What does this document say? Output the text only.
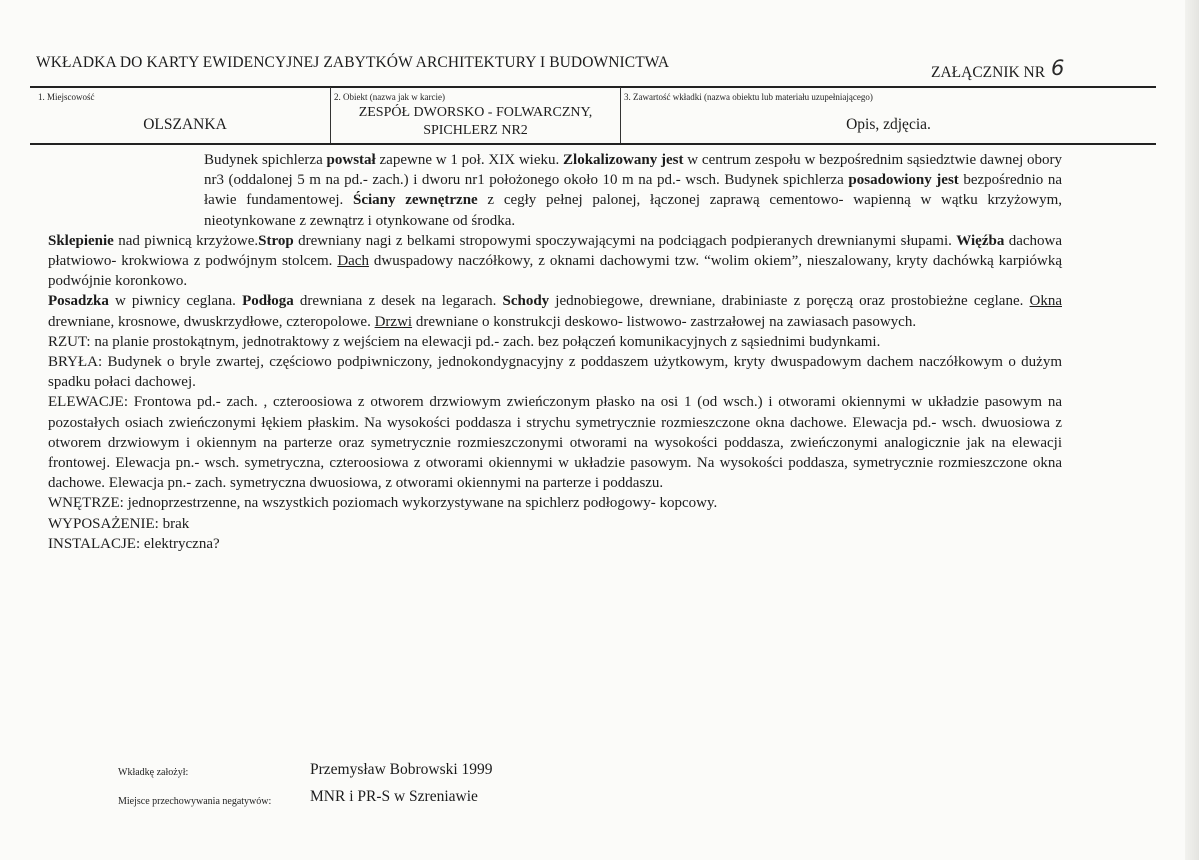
WKŁADKA DO KARTY EWIDENCYJNEJ ZABYTKÓW ARCHITEKTURY I BUDOWNICTWA
ZAŁĄCZNIK NR 6
1. Miejscowość
OLSZANKA
2. Obiekt (nazwa jak w karcie)
ZESPÓŁ DWORSKO - FOLWARCZNY,
SPICHLERZ NR2
3. Zawartość wkładki (nazwa obiektu lub materiału uzupełniającego)
Opis, zdjęcia.

Budynek spichlerza powstał zapewne w 1 poł. XIX wieku. Zlokalizowany jest w centrum zespołu w bezpośrednim sąsiedztwie dawnej obory nr3 (oddalonej 5 m na pd.- zach.) i dworu nr1 położonego około 10 m na pd.- wsch. Budynek spichlerza posadowiony jest bezpośrednio na ławie fundamentowej. Ściany zewnętrzne z cegły pełnej palonej, łączonej zaprawą cementowo- wapienną w wątku krzyżowym, nieotynkowane z zewnątrz i otynkowane od środka.

Sklepienie nad piwnicą krzyżowe.Strop drewniany nagi z belkami stropowymi spoczywającymi na podciągach podpieranych drewnianymi słupami. Więźba dachowa płatwiowo- krokwiowa z podwójnym stolcem. Dach dwuspadowy naczółkowy, z oknami dachowymi tzw. “wolim okiem”, nieszalowany, kryty dachówką karpiówką podwójnie koronkowo.

Posadzka w piwnicy ceglana. Podłoga drewniana z desek na legarach. Schody jednobiegowe, drewniane, drabiniaste z poręczą oraz prostobieżne ceglane. Okna drewniane, krosnowe, dwuskrzydłowe, czteropolowe. Drzwi drewniane o konstrukcji deskowo- listwowo- zastrzałowej na zawiasach pasowych.

RZUT: na planie prostokątnym, jednotraktowy z wejściem na elewacji pd.- zach. bez połączeń komunikacyjnych z sąsiednimi budynkami.

BRYŁA: Budynek o bryle zwartej, częściowo podpiwniczony, jednokondygnacyjny z poddaszem użytkowym, kryty dwuspadowym dachem naczółkowym o dużym spadku połaci dachowej.

ELEWACJE: Frontowa pd.- zach. , czteroosiowa z otworem drzwiowym zwieńczonym płasko na osi 1 (od wsch.) i otworami okiennymi w układzie pasowym na pozostałych osiach zwieńczonymi łękiem płaskim. Na wysokości poddasza i strychu symetrycznie rozmieszczone okna dachowe. Elewacja pd.- wsch. dwuosiowa z otworem drzwiowym i okiennym na parterze oraz symetrycznie rozmieszczonymi otworami na wysokości poddasza, zwieńczonymi analogicznie jak na elewacji frontowej. Elewacja pn.- wsch. symetryczna, czteroosiowa z otworami okiennymi w układzie pasowym. Na wysokości poddasza, symetrycznie rozmieszczone okna dachowe. Elewacja pn.- zach. symetryczna dwuosiowa, z otworami okiennymi na parterze i poddaszu.

WNĘTRZE: jednoprzestrzenne, na wszystkich poziomach wykorzystywane na spichlerz podłogowy- kopcowy.

WYPOSAŻENIE: brak

INSTALACJE: elektryczna?

Wkładkę założył:	Przemysław Bobrowski 1999
Miejsce przechowywania negatywów: MNR i PR-S w Szreniawie
